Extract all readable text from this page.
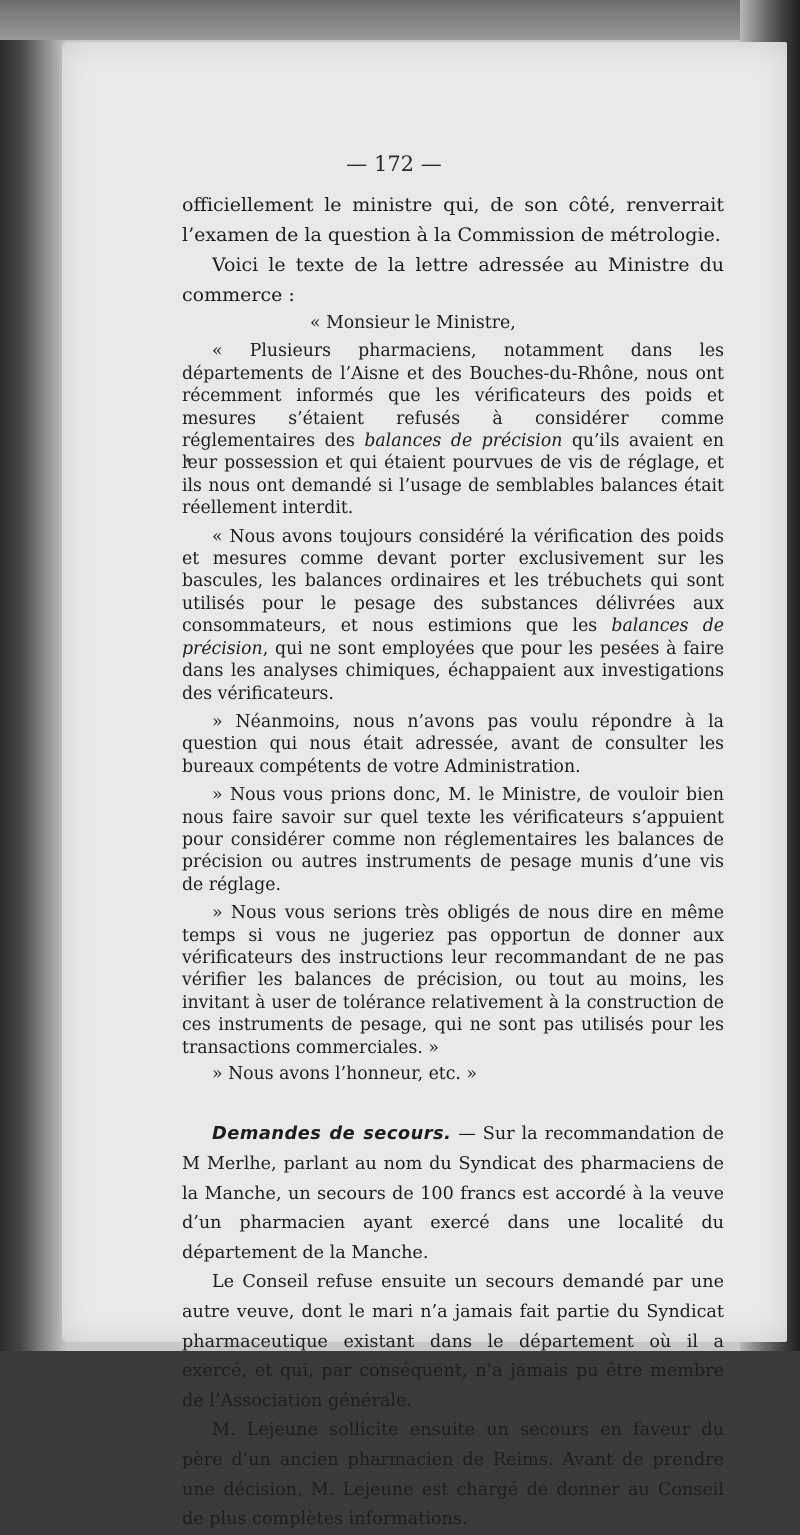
— 172 —

officiellement le ministre qui, de son côté, renverrait l’examen de la question à la Commission de métrologie.

Voici le texte de la lettre adressée au Ministre du commerce :

« Monsieur le Ministre,

« Plusieurs pharmaciens, notamment dans les départements de l’Aisne et des Bouches-du-Rhône, nous ont récemment informés que les vérificateurs des poids et mesures s’étaient refusés à considérer comme réglementaires des balances de précision qu’ils avaient en leur possession et qui étaient pourvues de vis de réglage, et ils nous ont demandé si l’usage de semblables balances était réellement interdit.

« Nous avons toujours considéré la vérification des poids et mesures comme devant porter exclusivement sur les bascules, les balances ordinaires et les trébuchets qui sont utilisés pour le pesage des substances délivrées aux consommateurs, et nous estimions que les balances de précision, qui ne sont employées que pour les pesées à faire dans les analyses chimiques, échappaient aux investigations des vérificateurs.

» Néanmoins, nous n’avons pas voulu répondre à la question qui nous était adressée, avant de consulter les bureaux compétents de votre Administration.

» Nous vous prions donc, M. le Ministre, de vouloir bien nous faire savoir sur quel texte les vérificateurs s’appuient pour considérer comme non réglementaires les balances de précision ou autres instruments de pesage munis d’une vis de réglage.

» Nous vous serions très obligés de nous dire en même temps si vous ne jugeriez pas opportun de donner aux vérificateurs des instructions leur recommandant de ne pas vérifier les balances de précision, ou tout au moins, les invitant à user de tolérance relativement à la construction de ces instruments de pesage, qui ne sont pas utilisés pour les transactions commerciales. »

» Nous avons l’honneur, etc. »

Demandes de secours. — Sur la recommandation de M Merlhe, parlant au nom du Syndicat des pharmaciens de la Manche, un secours de 100 francs est accordé à la veuve d’un pharmacien ayant exercé dans une localité du département de la Manche.

Le Conseil refuse ensuite un secours demandé par une autre veuve, dont le mari n’a jamais fait partie du Syndicat pharmaceutique existant dans le département où il a exercé, et qui, par conséquent, n’a jamais pu être membre de l’Association générale.

M. Lejeune sollicite ensuite un secours en faveur du père d’un ancien pharmacien de Reims. Avant de prendre une décision, M. Lejeune est chargé de donner au Conseil de plus complètes informations.
